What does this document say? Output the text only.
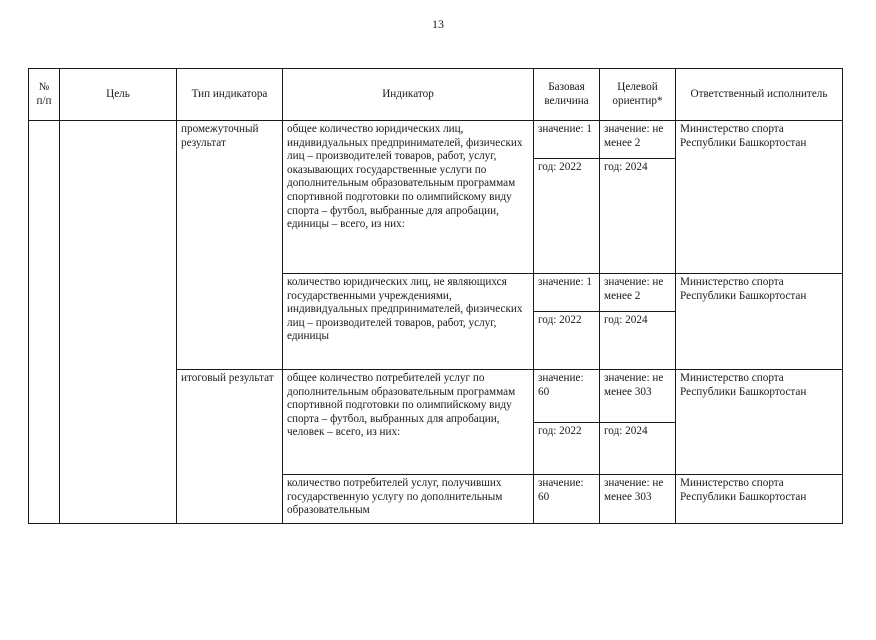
13
№ п/п	Цель	Тип индикатора	Индикатор	Базовая величина	Целевой ориентир*	Ответственный исполнитель
		промежуточный результат	общее количество юридических лиц, индивидуальных предпринимателей, физических лиц – производителей товаров, работ, услуг, оказывающих государственные услуги по дополнительным образовательным программам спортивной подготовки по олимпийскому виду спорта – футбол, выбранные для апробации, единицы – всего, из них:	значение: 1	значение: не менее 2	Министерство спорта Республики Башкортостан
				год: 2022	год: 2024	
			количество юридических лиц, не являющихся государственными учреждениями, индивидуальных предпринимателей, физических лиц – производителей товаров, работ, услуг, единицы	значение: 1	значение: не менее 2	Министерство спорта Республики Башкортостан
				год: 2022	год: 2024	
		итоговый результат	общее количество потребителей услуг по дополнительным образовательным программам спортивной подготовки по олимпийскому виду спорта – футбол, выбранных для апробации, человек – всего, из них:	значение: 60	значение: не менее 303	Министерство спорта Республики Башкортостан
				год: 2022	год: 2024	
			количество потребителей услуг, получивших государственную услугу по дополнительным образовательным	значение: 60	значение: не менее 303	Министерство спорта Республики Башкортостан
